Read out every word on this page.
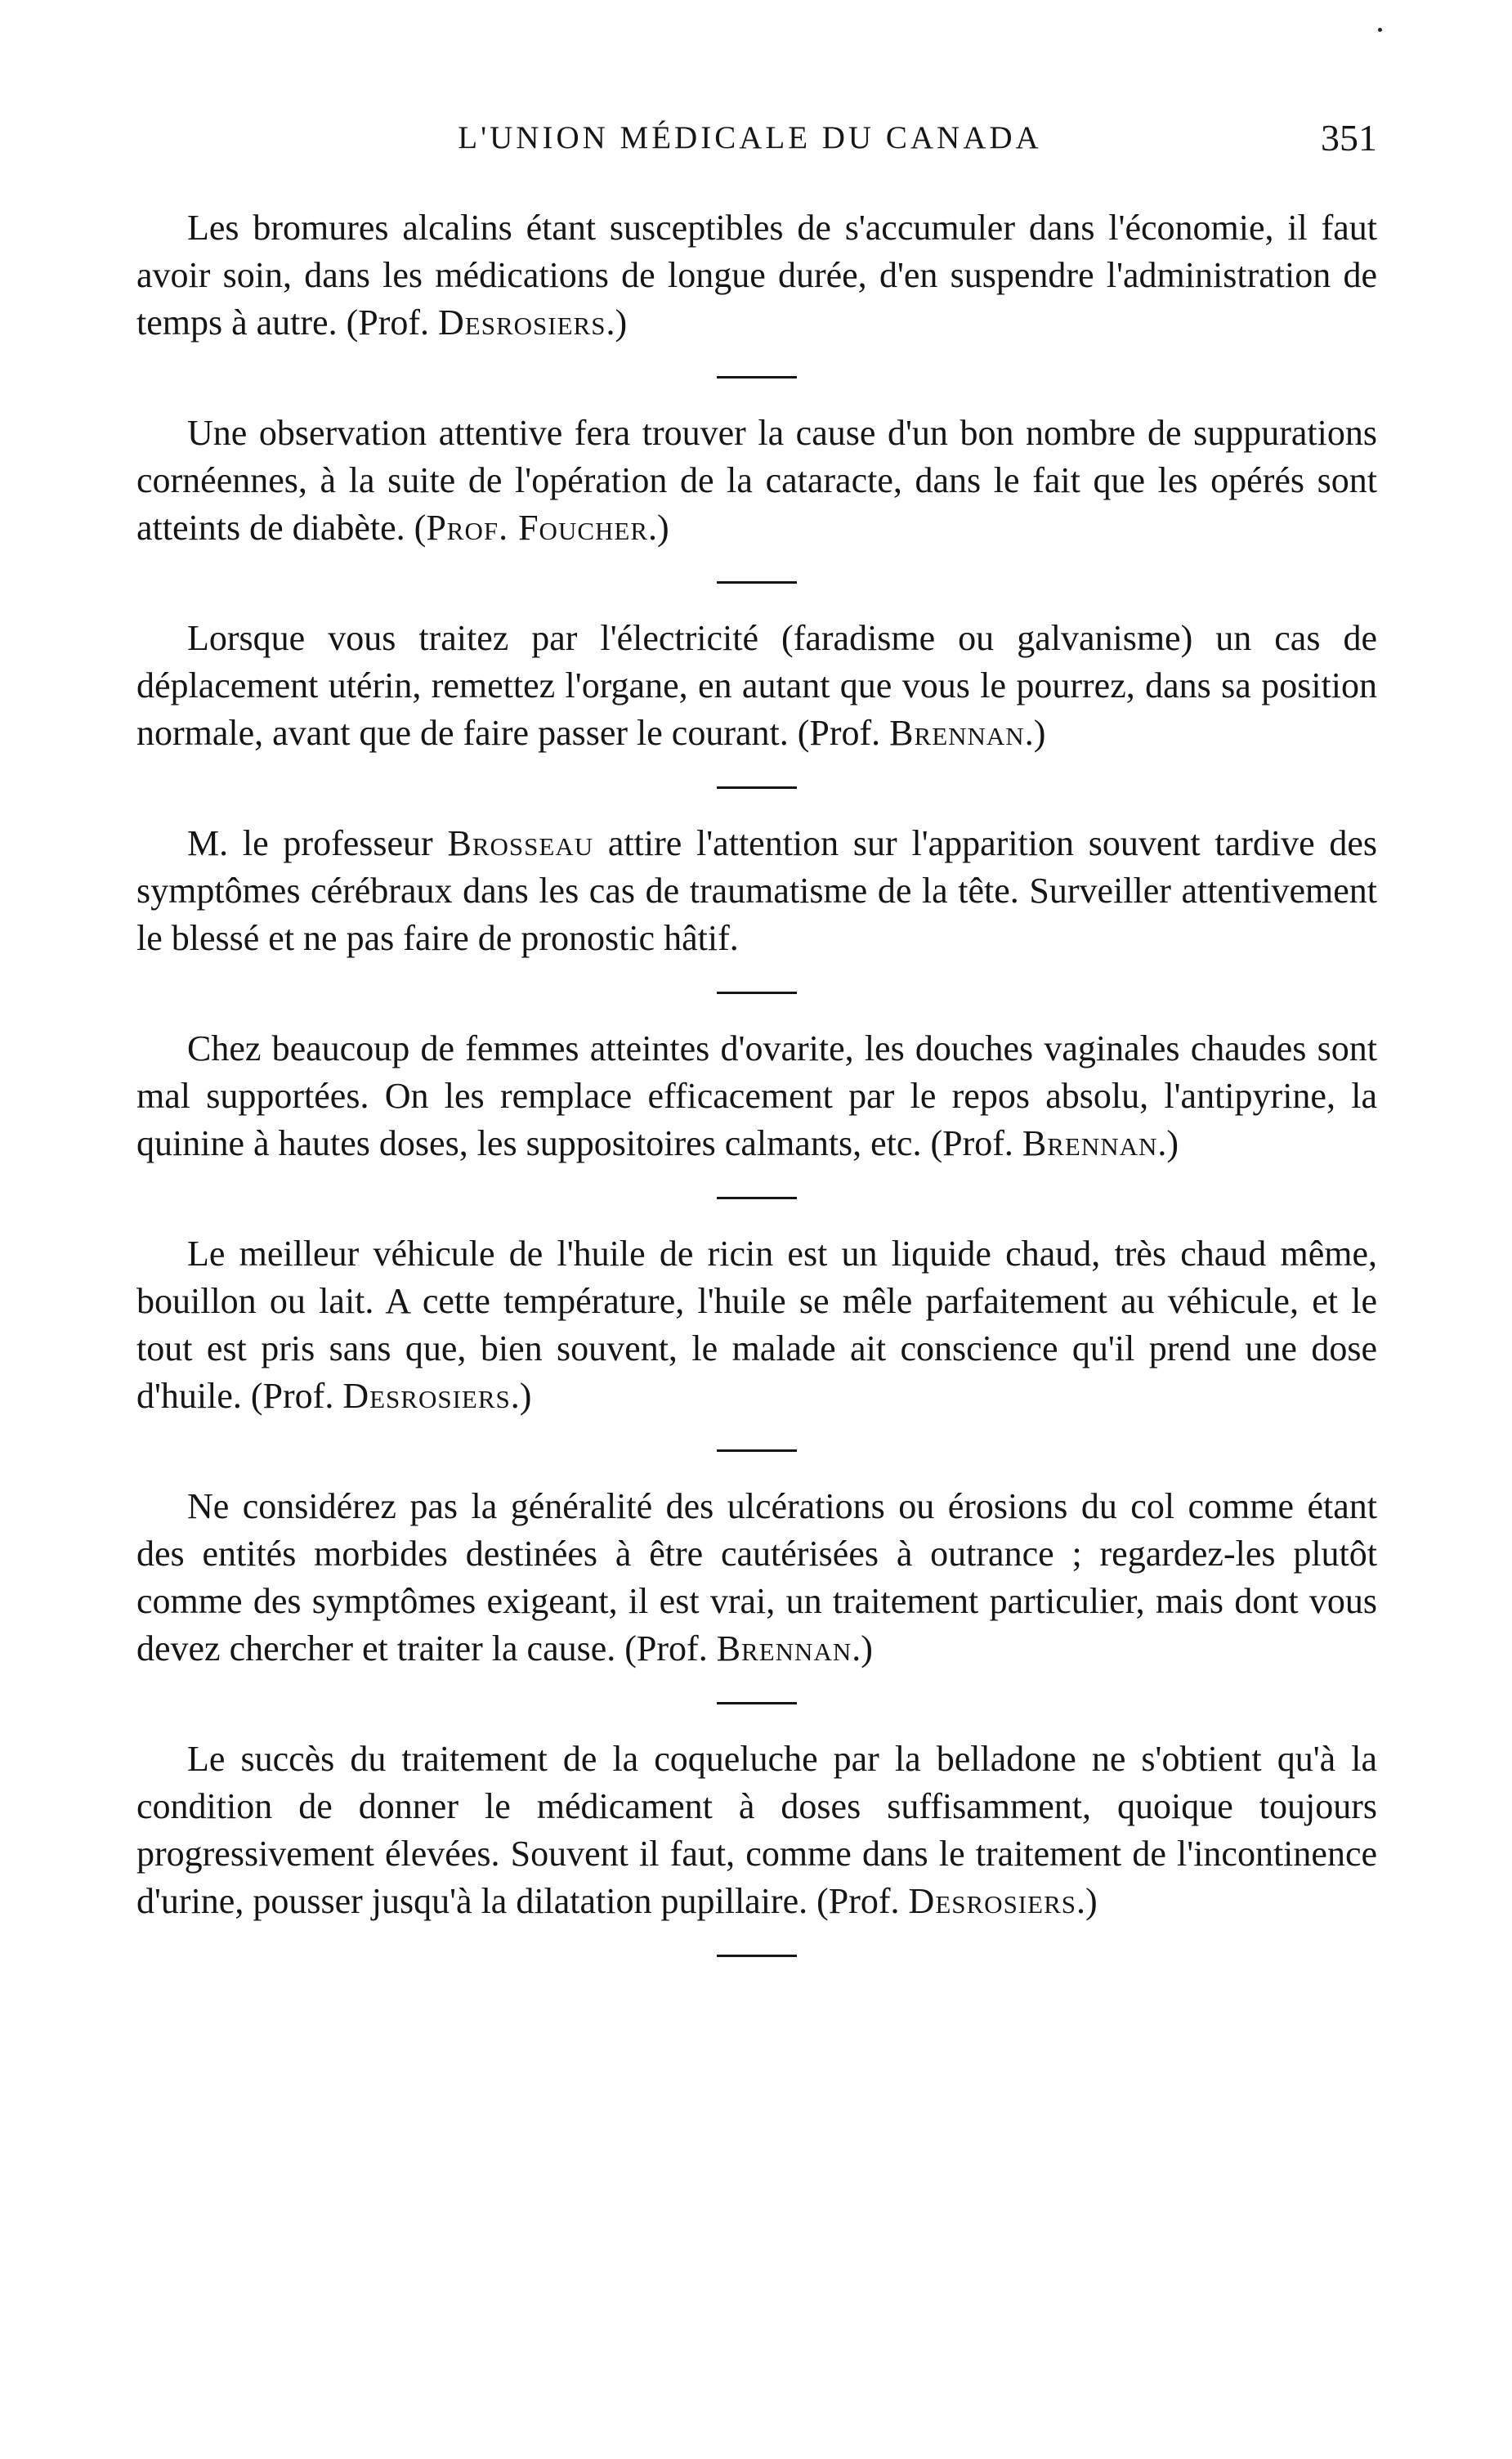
L'UNION MÉDICALE DU CANADA	351

Les bromures alcalins étant susceptibles de s'accumuler dans l'économie, il faut avoir soin, dans les médications de longue durée, d'en suspendre l'administration de temps à autre. (Prof. Desrosiers.)

Une observation attentive fera trouver la cause d'un bon nombre de suppurations cornéennes, à la suite de l'opération de la cataracte, dans le fait que les opérés sont atteints de diabète. (Prof. Foucher.)

Lorsque vous traitez par l'électricité (faradisme ou galvanisme) un cas de déplacement utérin, remettez l'organe, en autant que vous le pourrez, dans sa position normale, avant que de faire passer le courant. (Prof. Brennan.)

M. le professeur Brosseau attire l'attention sur l'apparition souvent tardive des symptômes cérébraux dans les cas de traumatisme de la tête. Surveiller attentivement le blessé et ne pas faire de pronostic hâtif.

Chez beaucoup de femmes atteintes d'ovarite, les douches vaginales chaudes sont mal supportées. On les remplace efficacement par le repos absolu, l'antipyrine, la quinine à hautes doses, les suppositoires calmants, etc. (Prof. Brennan.)

Le meilleur véhicule de l'huile de ricin est un liquide chaud, très chaud même, bouillon ou lait. A cette température, l'huile se mêle parfaitement au véhicule, et le tout est pris sans que, bien souvent, le malade ait conscience qu'il prend une dose d'huile. (Prof. Desrosiers.)

Ne considérez pas la généralité des ulcérations ou érosions du col comme étant des entités morbides destinées à être cautérisées à outrance ; regardez-les plutôt comme des symptômes exigeant, il est vrai, un traitement particulier, mais dont vous devez chercher et traiter la cause. (Prof. Brennan.)

Le succès du traitement de la coqueluche par la belladone ne s'obtient qu'à la condition de donner le médicament à doses suffisamment, quoique toujours progressivement élevées. Souvent il faut, comme dans le traitement de l'incontinence d'urine, pousser jusqu'à la dilatation pupillaire. (Prof. Desrosiers.)
